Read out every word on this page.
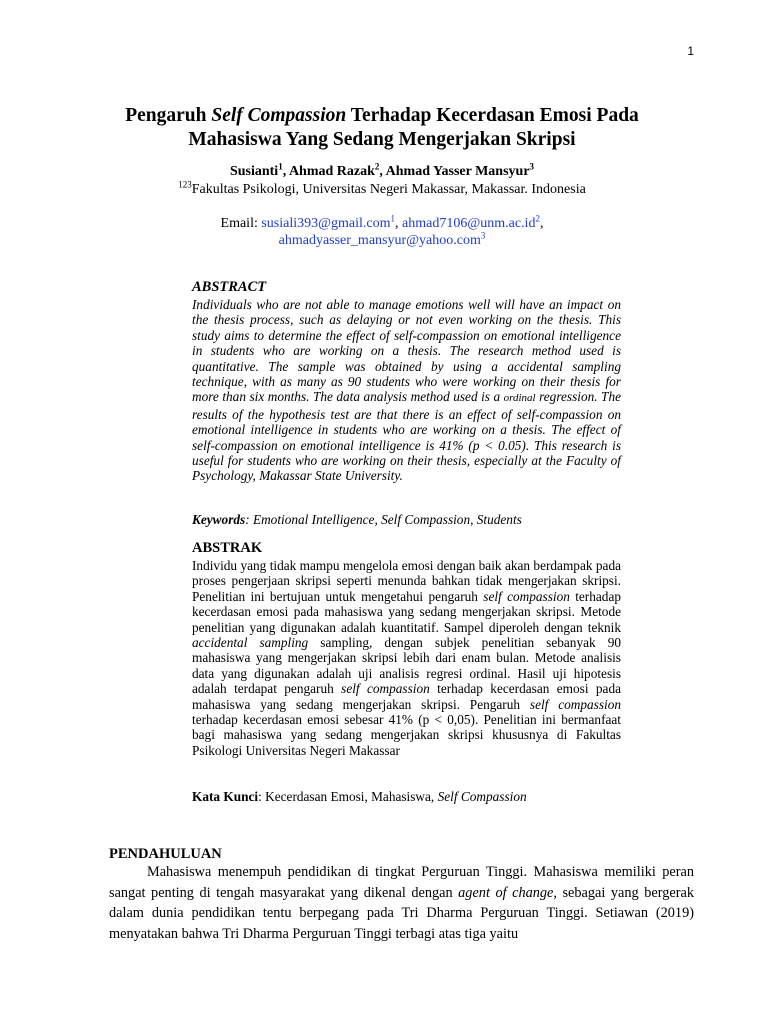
1
Pengaruh Self Compassion Terhadap Kecerdasan Emosi Pada Mahasiswa Yang Sedang Mengerjakan Skripsi
Susianti$^1$, Ahmad Razak$^2$, Ahmad Yasser Mansyur$^3$
$^{123}$Fakultas Psikologi, Universitas Negeri Makassar, Makassar. Indonesia
Email: susiali393@gmail.com$^1$, $ahmad7106@unm.ac.id^2$,
ahmadyasser_mansyur@yahoo.com$^3$
ABSTRACT
Individuals who are not able to manage emotions well will have an impact on the thesis process, such as delaying or not even working on the thesis. This study aims to determine the effect of self-compassion on emotional intelligence in students who are working on a thesis. The research method used is quantitative. The sample was obtained by using a accidental sampling technique, with as many as 90 students who were working on their thesis for more than six months. The data analysis method used is a ordinal regression. The results of the hypothesis test are that there is an effect of self-compassion on emotional intelligence in students who are working on a thesis. The effect of self-compassion on emotional intelligence is 41% (p < 0.05). This research is useful for students who are working on their thesis, especially at the Faculty of Psychology, Makassar State University.
Keywords: Emotional Intelligence, Self Compassion, Students
ABSTRAK
Individu yang tidak mampu mengelola emosi dengan baik akan berdampak pada proses pengerjaan skripsi seperti menunda bahkan tidak mengerjakan skripsi. Penelitian ini bertujuan untuk mengetahui pengaruh self compassion terhadap kecerdasan emosi pada mahasiswa yang sedang mengerjakan skripsi. Metode penelitian yang digunakan adalah kuantitatif. Sampel diperoleh dengan teknik accidental sampling sampling, dengan subjek penelitian sebanyak 90 mahasiswa yang mengerjakan skripsi lebih dari enam bulan. Metode analisis data yang digunakan adalah uji analisis regresi ordinal. Hasil uji hipotesis adalah terdapat pengaruh self compassion terhadap kecerdasan emosi pada mahasiswa yang sedang mengerjakan skripsi. Pengaruh self compassion terhadap kecerdasan emosi sebesar 41% (p < 0,05). Penelitian ini bermanfaat bagi mahasiswa yang sedang mengerjakan skripsi khususnya di Fakultas Psikologi Universitas Negeri Makassar
Kata Kunci: Kecerdasan Emosi, Mahasiswa, Self Compassion
PENDAHULUAN
Mahasiswa menempuh pendidikan di tingkat Perguruan Tinggi. Mahasiswa memiliki peran sangat penting di tengah masyarakat yang dikenal dengan agent of change, sebagai yang bergerak dalam dunia pendidikan tentu berpegang pada Tri Dharma Perguruan Tinggi. Setiawan (2019) menyatakan bahwa Tri Dharma Perguruan Tinggi terbagi atas tiga yaitu
